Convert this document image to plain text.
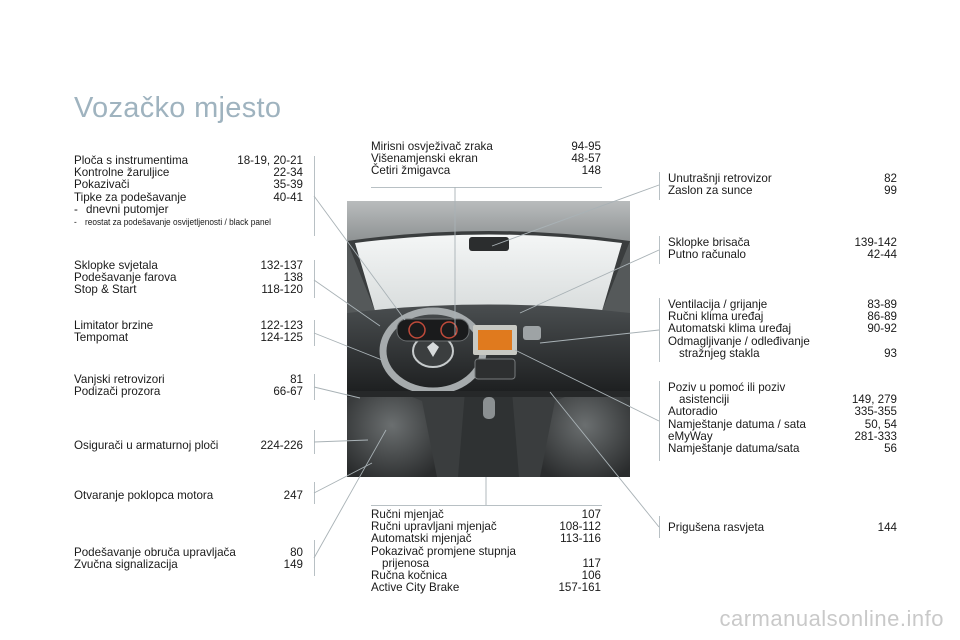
Vozačko mjesto
Ploča s instrumentima	18-19, 20-21
Kontrolne žaruljice	22-34
Pokazivači	35-39
Tipke za podešavanje	40-41
- dnevni putomjer
- reostat za podešavanje osvijetljenosti / black panel
Sklopke svjetala	132-137
Podešavanje farova	138
Stop & Start	118-120
Limitator brzine	122-123
Tempomat	124-125
Vanjski retrovizori	81
Podizači prozora	66-67
Osigurači u armaturnoj ploči	224-226
Otvaranje poklopca motora	247
Podešavanje obruča upravljača	80
Zvučna signalizacija	149
Mirisni osvježivač zraka	94-95
Višenamjenski ekran	48-57
Četiri žmigavca	148
Ručni mjenjač	107
Ručni upravljani mjenjač	108-112
Automatski mjenjač	113-116
Pokazivač promjene stupnja
prijenosa	117
Ručna kočnica	106
Active City Brake	157-161
Unutrašnji retrovizor	82
Zaslon za sunce	99
Sklopke brisača	139-142
Putno računalo	42-44
Ventilacija / grijanje	83-89
Ručni klima uređaj	86-89
Automatski klima uređaj	90-92
Odmagljivanje / odleđivanje
stražnjeg stakla	93
Poziv u pomoć ili poziv
asistenciji	149, 279
Autoradio	335-355
Namještanje datuma / sata	50, 54
eMyWay	281-333
Namještanje datuma/sata	56
Prigušena rasvjeta	144
carmanualsonline.info
